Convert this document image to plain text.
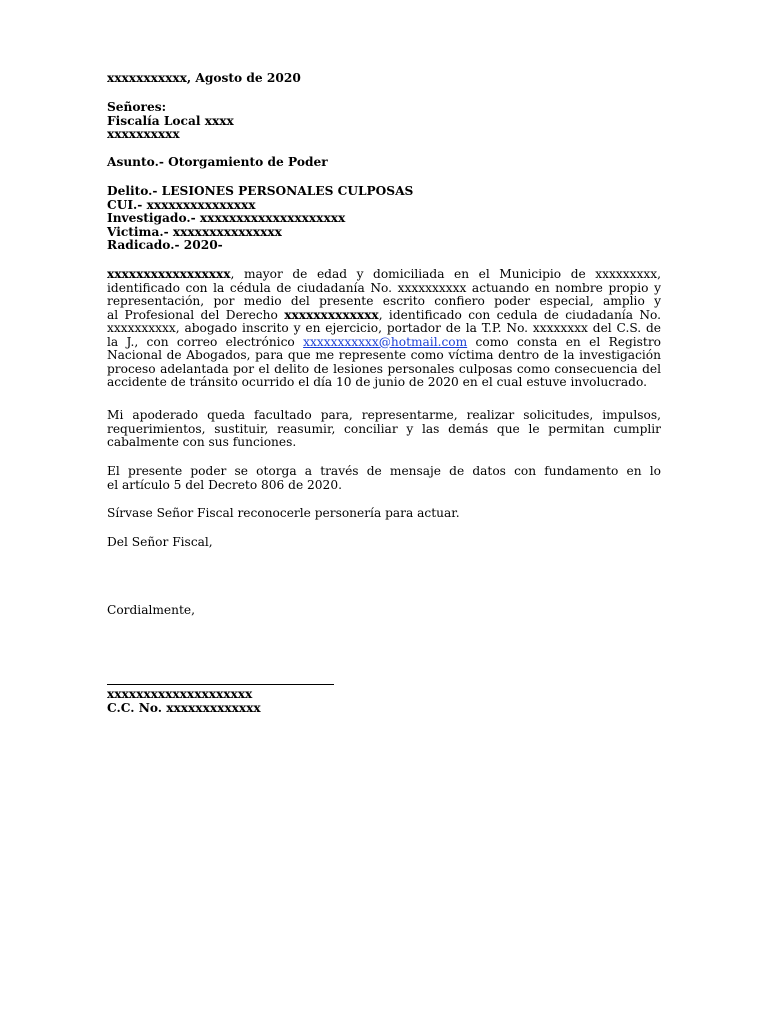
xxxxxxxxxxx, Agosto de 2020
Señores:
Fiscalía Local xxxx
xxxxxxxxxx
Asunto.- Otorgamiento de Poder
Delito.- LESIONES PERSONALES CULPOSAS
CUI.- xxxxxxxxxxxxxxx
Investigado.- xxxxxxxxxxxxxxxxxxxx
Victima.- xxxxxxxxxxxxxxx
Radicado.- 2020-
xxxxxxxxxxxxxxxxx, mayor de edad y domiciliada en el Municipio de xxxxxxxxx,
identificado con la cédula de ciudadanía No. xxxxxxxxxx actuando en nombre propio y
representación, por medio del presente escrito confiero poder especial, amplio y
al Profesional del Derecho xxxxxxxxxxxxx, identificado con cedula de ciudadanía No.
xxxxxxxxxx, abogado inscrito y en ejercicio, portador de la T.P. No. xxxxxxxx del C.S. de
la J., con correo electrónico xxxxxxxxxxx@hotmail.com como consta en el Registro
Nacional de Abogados, para que me represente como víctima dentro de la investigación
proceso adelantada por el delito de lesiones personales culposas como consecuencia del
accidente de tránsito ocurrido el día 10 de junio de 2020 en el cual estuve involucrado.
Mi apoderado queda facultado para, representarme, realizar solicitudes, impulsos,
requerimientos, sustituir, reasumir, conciliar y las demás que le permitan cumplir
cabalmente con sus funciones.
El presente poder se otorga a través de mensaje de datos con fundamento en lo
el artículo 5 del Decreto 806 de 2020.
Sírvase Señor Fiscal reconocerle personería para actuar.
Del Señor Fiscal,
Cordialmente,
xxxxxxxxxxxxxxxxxxxx
C.C. No. xxxxxxxxxxxxx
